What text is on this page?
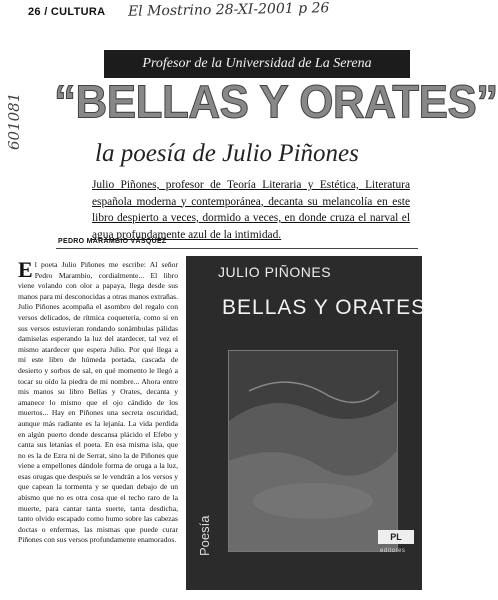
26 / CULTURA El Mostrino 28-XI-2001 p 26
601081
Profesor de la Universidad de La Serena
“BELLAS Y ORATES”
la poesía de Julio Piñones
Julio Piñones, profesor de Teoría Literaria y Estética, Literatura española moderna y contemporánea, decanta su melancolía en este libro despierto a veces, dormido a veces, en donde cruza el narval el agua profundamente azul de la intimidad.
PEDRO MARAMBIO VÁSQUEZ
El poeta Julio Piñones me escribe: Al señor Pedro Marambio, cordialmente... El libro viene volando con olor a papaya, llega desde sus manos para mí desconocidas a otras manos extrañas. Julio Piñones acompaña el asombro del regalo con versos delicados, de rítmica coquetería, como si en sus versos estuvieran rondando sonámbulas pálidas damiselas esperando la luz del atardecer, tal vez el mismo atardecer que espera Julio. Por qué llega a mí este libro de húmeda portada, cascada de desierto y sorbos de sal, en qué momento le llegó a tocar su oído la piedra de mi nombre... Ahora entre mis manos su libro Bellas y Orates, decanta y amanece lo mismo que el ojo cándido de los muertos... Hay en Piñones una secreta oscuridad, aunque más radiante es la lejanía. La vida perdida en algún puerto donde descansa plácido el Efebo y canta sus letanías el poeta. En esa misma isla, que no es la de Ezra ni de Serrat, sino la de Piñones que viene a empellones dándole forma de oruga a la luz, esas orugas que después se le vendrán a los versos y que capean la tormenta y se quedan debajo de un abismo que no es otra cosa que el techo raro de la muerte, para cantar tanta suerte, tanta desdicha, tanto olvido escapado como humo sobre las cabezas doctas o enfermas, las mismas que puede curar Piñones con sus versos profundamente enamorados.
JULIO PIÑONES
BELLAS Y ORATES
Poesía	PL
editores
